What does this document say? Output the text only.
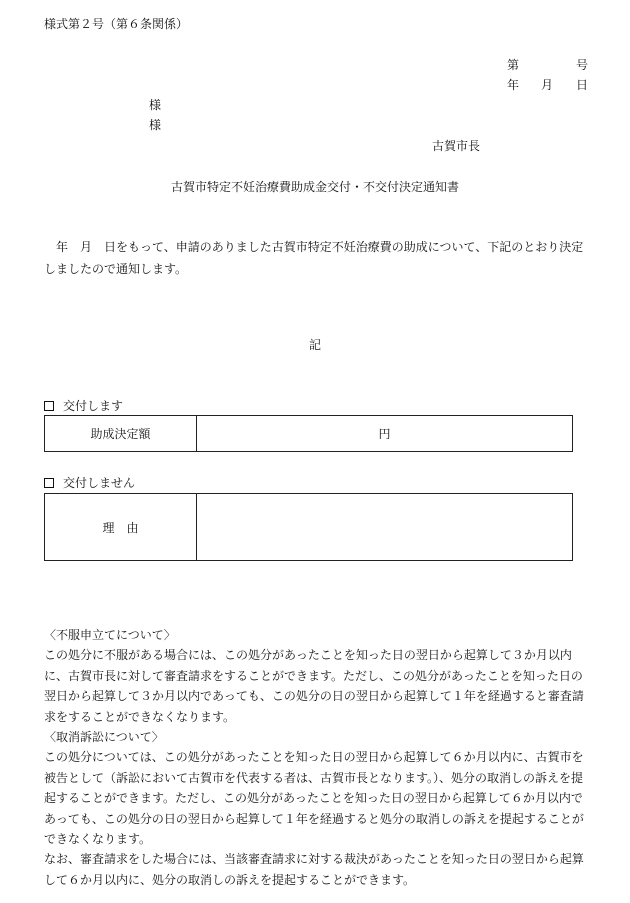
様式第２号（第６条関係）
第	号
年 月 日
様
様
古賀市長
古賀市特定不妊治療費助成金交付・不交付決定通知書
年　月　日をもって、申請のありました古賀市特定不妊治療費の助成について、下記のとおり決定しましたので通知します。
記
交付します
助成決定額	円
交付しません
理　由	

〈不服申立てについて〉

この処分に不服がある場合には、この処分があったことを知った日の翌日から起算して３か月以内に、古賀市長に対して審査請求をすることができます。ただし、この処分があったことを知った日の翌日から起算して３か月以内であっても、この処分の日の翌日から起算して１年を経過すると審査請求をすることができなくなります。

〈取消訴訟について〉

この処分については、この処分があったことを知った日の翌日から起算して６か月以内に、古賀市を被告として（訴訟において古賀市を代表する者は、古賀市長となります。）、処分の取消しの訴えを提起することができます。ただし、この処分があったことを知った日の翌日から起算して６か月以内であっても、この処分の日の翌日から起算して１年を経過すると処分の取消しの訴えを提起することができなくなります。

なお、審査請求をした場合には、当該審査請求に対する裁決があったことを知った日の翌日から起算して６か月以内に、処分の取消しの訴えを提起することができます。
